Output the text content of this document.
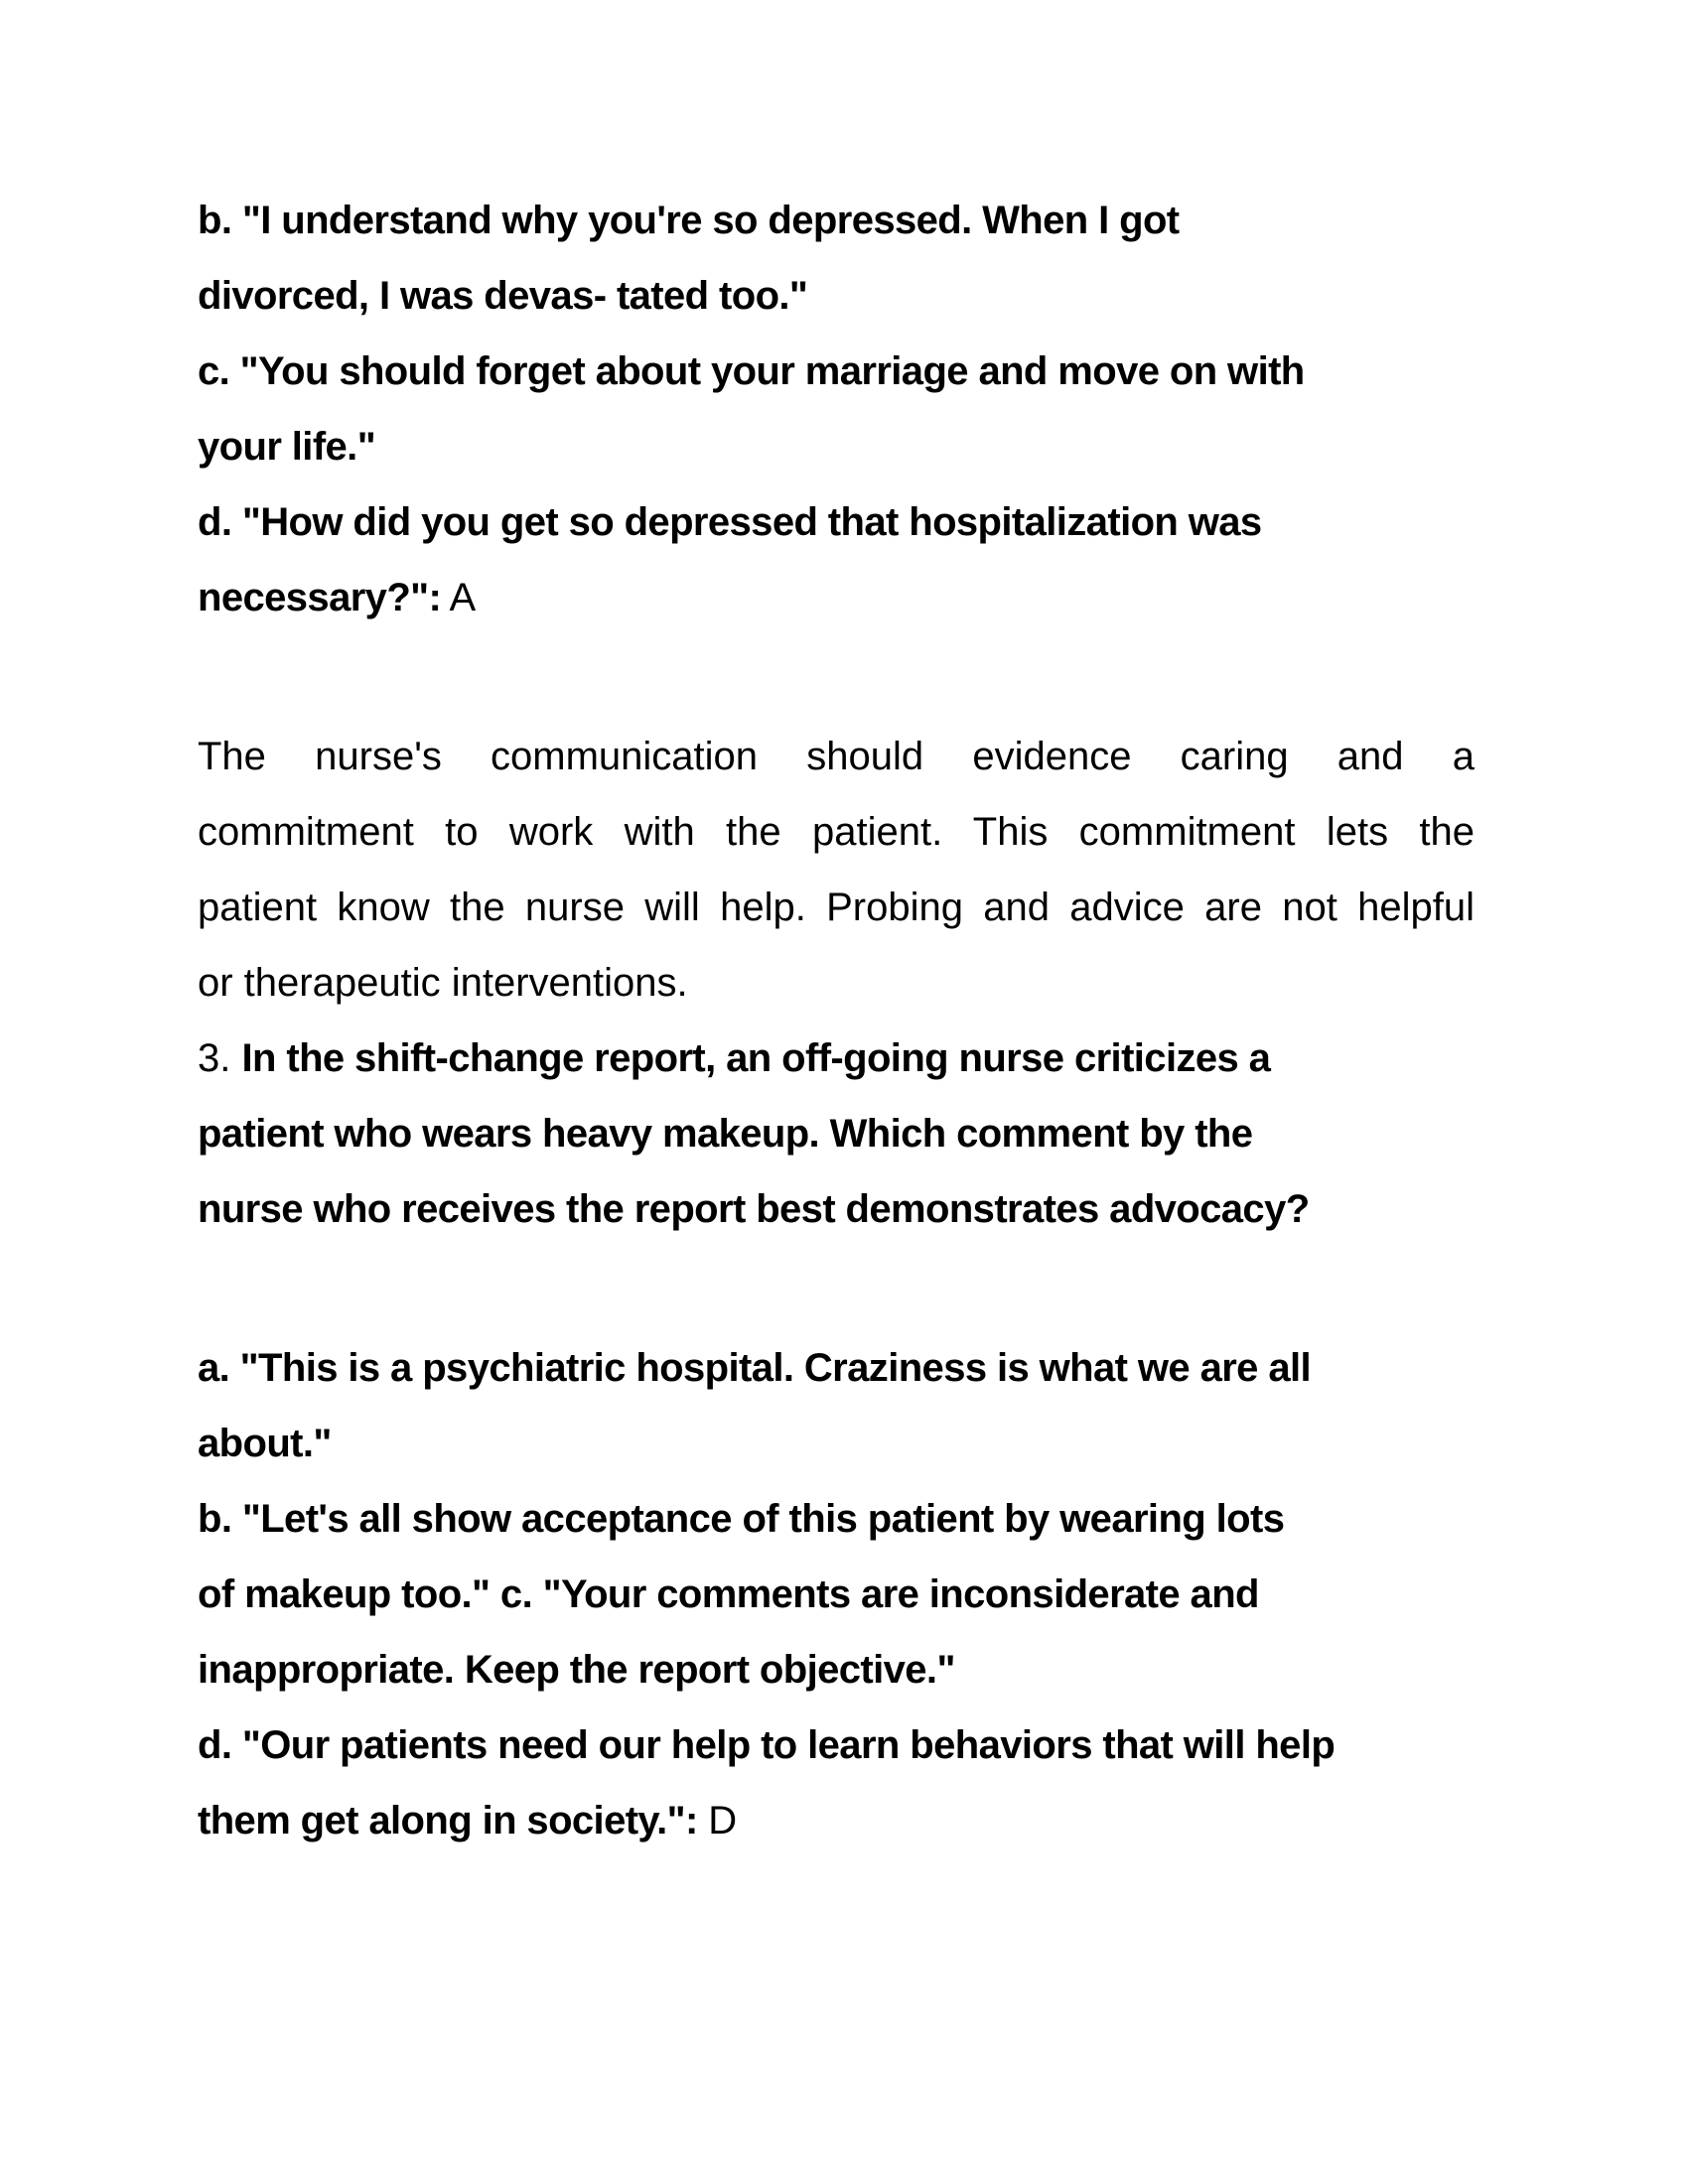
b. "I understand why you're so depressed. When I got
divorced, I was devas- tated too."
c. "You should forget about your marriage and move on with
your life."
d. "How did you get so depressed that hospitalization was
necessary?": A
The nurse's communication should evidence caring and a
commitment to work with the patient. This commitment lets the
patient know the nurse will help. Probing and advice are not helpful
or therapeutic interventions.
3. In the shift-change report, an off-going nurse criticizes a
patient who wears heavy makeup. Which comment by the
nurse who receives the report best demonstrates advocacy?
a. "This is a psychiatric hospital. Craziness is what we are all
about."
b. "Let's all show acceptance of this patient by wearing lots
of makeup too." c. "Your comments are inconsiderate and
inappropriate. Keep the report objective."
d. "Our patients need our help to learn behaviors that will help
them get along in society.": D
